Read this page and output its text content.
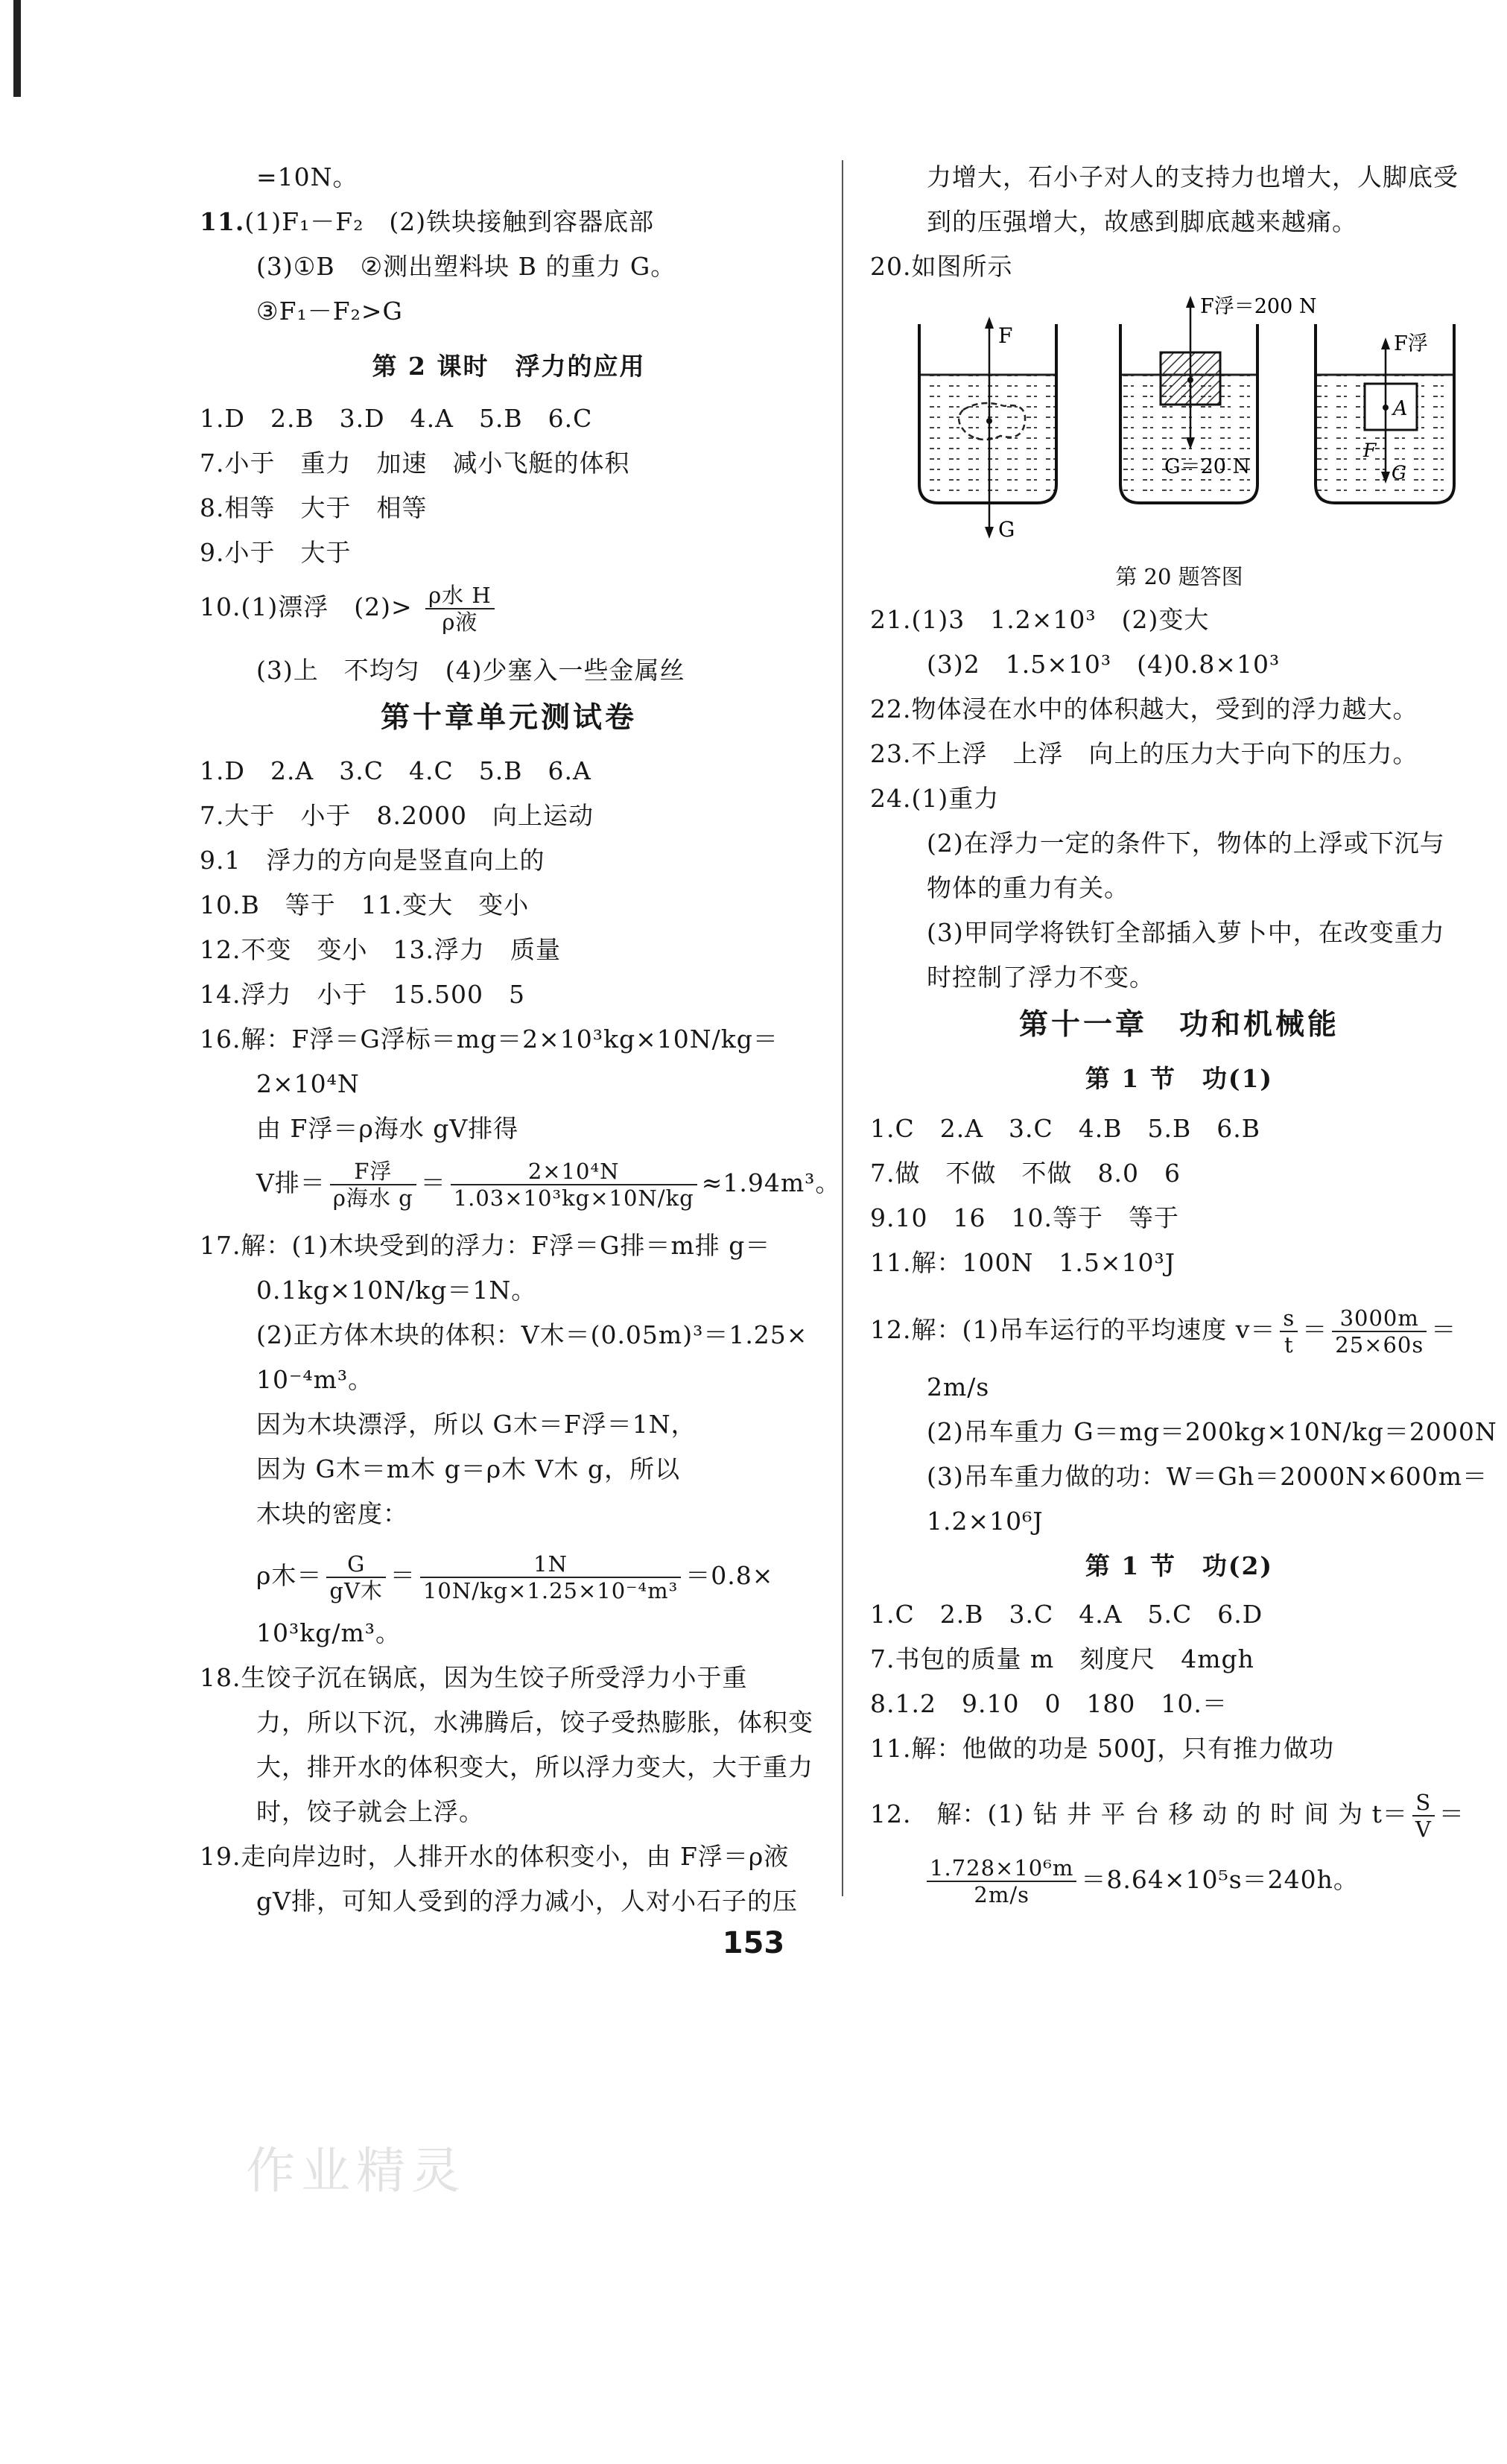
=10N。
11.(1)F₁－F₂　(2)铁块接触到容器底部
(3)①B　②测出塑料块 B 的重力 G。
③F₁－F₂>G
第 2 课时　浮力的应用
1.D　2.B　3.D　4.A　5.B　6.C
7.小于　重力　加速　减小飞艇的体积
8.相等　大于　相等
9.小于　大于
10.(1)漂浮　$(2)> \frac{\text{ρ水 H}}{\text{ρ液}}$
(3)上　不均匀　(4)少塞入一些金属丝
第十章单元测试卷
1.D　2.A　3.C　4.C　5.B　6.A
7.大于　小于　8.2000　向上运动
9.1　浮力的方向是竖直向上的
10.B　等于　11.变大　变小
12.不变　变小　13.浮力　质量
14.浮力　小于　15.500　5
16.解：F浮＝G浮标＝mg＝2×10³kg×10N/kg＝
2×10⁴N
由 F浮＝ρ海水 gV排得
V排＝ $\frac{\text{F浮}}{\text{ρ海水 g}} = \frac{\text{2×10⁴N}}{\text{1.03×10³kg×10N/kg}} \approx 1.94m^3$。
17.解：(1)木块受到的浮力：F浮＝G排＝m排 g＝
0.1kg×10N/kg＝1N。
(2)正方体木块的体积：V木＝(0.05m)³＝1.25×
10⁻⁴m³。
因为木块漂浮，所以 G木＝F浮＝1N，
因为 G木＝m木 g＝ρ木 V木 g，所以
木块的密度：
ρ木＝ $\frac{G}{\text{gV木}} = \frac{1N}{\text{10N/kg×1.25×10⁻⁴m³}} =0.8\times$
10³kg/m³。
18.生饺子沉在锅底，因为生饺子所受浮力小于重
力，所以下沉，水沸腾后，饺子受热膨胀，体积变
大，排开水的体积变大，所以浮力变大，大于重力
时，饺子就会上浮。
19.走向岸边时，人排开水的体积变小，由 F浮＝ρ液
gV排，可知人受到的浮力减小，人对小石子的压
力增大，石小子对人的支持力也增大，人脚底受
到的压强增大，故感到脚底越来越痛。
20.如图所示
F
G
F浮＝200 N
G＝20 N
F浮
A
F
G
第 20 题答图
21.(1)3　1.2×10³　(2)变大
(3)2　1.5×10³　(4)0.8×10³
22.物体浸在水中的体积越大，受到的浮力越大。
23.不上浮　上浮　向上的压力大于向下的压力。
24.(1)重力
(2)在浮力一定的条件下，物体的上浮或下沉与
物体的重力有关。
(3)甲同学将铁钉全部插入萝卜中，在改变重力
时控制了浮力不变。
第十一章　功和机械能
第 1 节　功(1)
1.C　2.A　3.C　4.B　5.B　6.B
7.做　不做　不做　8.0　6
9.10　16　10.等于　等于
11.解：100N　1.5×10³J
12.解：(1)吊车运行的平均速度 $v= \frac{s}{t} = \frac{3000m}{25\times 60s}$ ＝
2m/s
(2)吊车重力 G＝mg＝200kg×10N/kg＝2000N
(3)吊车重力做的功：W＝Gh＝2000N×600m＝
1.2×10⁶J
第 1 节　功(2)
1.C　2.B　3.C　4.A　5.C　6.D
7.书包的质量 m　刻度尺　4mgh
8.1.2　9.10　0　180　10.＝
11.解：他做的功是 500J，只有推力做功
12.　解：(1) 钻 井 平 台 移 动 的 时 间 为 $t= \frac{S}{V}$ ＝
$\frac{\text{1.728×10⁶m}}{2m/s} =8.64\times 10^5s=240h$。
153
作业精灵
